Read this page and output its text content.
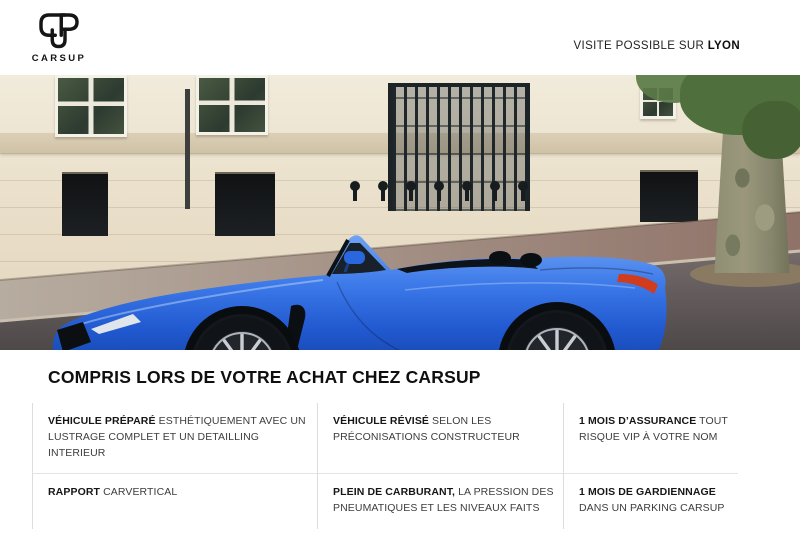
CARSUP
VISITE POSSIBLE SUR LYON
COMPRIS LORS DE VOTRE ACHAT CHEZ CARSUP
VÉHICULE PRÉPARÉ ESTHÉTIQUEMENT AVEC UN LUSTRAGE COMPLET ET UN DETAILLING INTERIEUR
VÉHICULE RÉVISÉ SELON LES PRÉCONISATIONS CONSTRUCTEUR
1 MOIS D’ASSURANCE TOUT RISQUE VIP À VOTRE NOM
RAPPORT CARVERTICAL	PLEIN DE CARBURANT, LA PRESSION DES PNEUMATIQUES ET LES NIVEAUX FAITS
1 MOIS DE GARDIENNAGE DANS UN PARKING CARSUP
